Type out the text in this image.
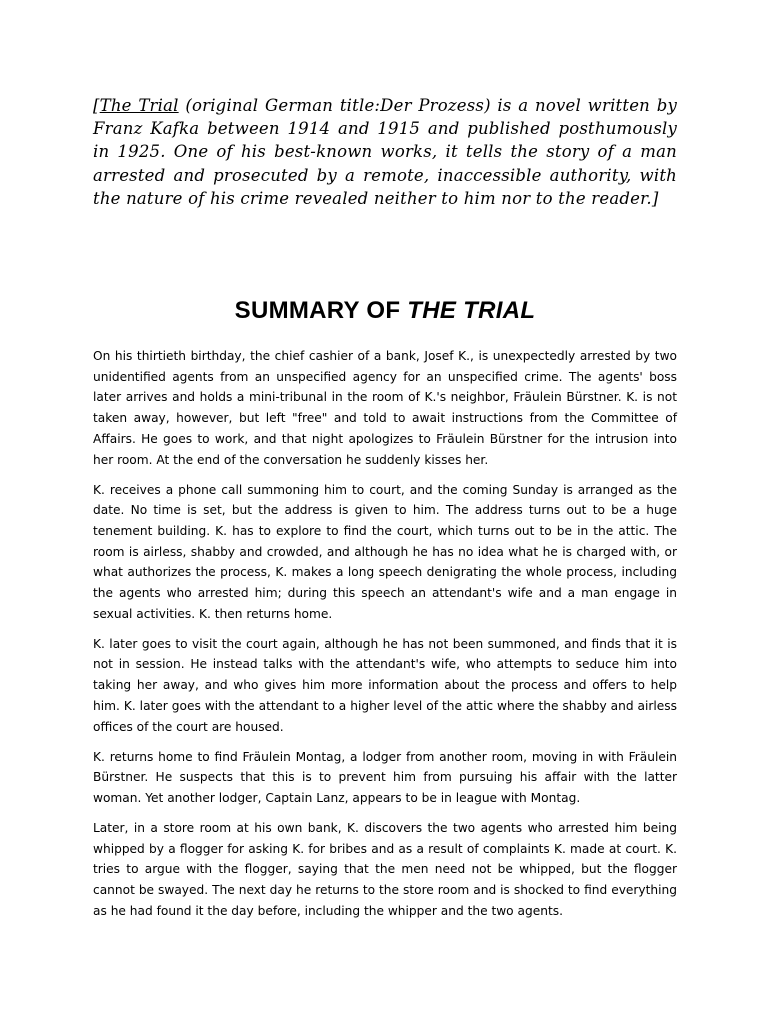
[The Trial (original German title:Der Prozess) is a novel written by Franz Kafka between 1914 and 1915 and published posthumously in 1925. One of his best-known works, it tells the story of a man arrested and prosecuted by a remote, inaccessible authority, with the nature of his crime revealed neither to him nor to the reader.]
SUMMARY OF THE TRIAL

On his thirtieth birthday, the chief cashier of a bank, Josef K., is unexpectedly arrested by two unidentified agents from an unspecified agency for an unspecified crime. The agents' boss later arrives and holds a mini-tribunal in the room of K.'s neighbor, Fräulein Bürstner. K. is not taken away, however, but left "free" and told to await instructions from the Committee of Affairs. He goes to work, and that night apologizes to Fräulein Bürstner for the intrusion into her room. At the end of the conversation he suddenly kisses her.

K. receives a phone call summoning him to court, and the coming Sunday is arranged as the date. No time is set, but the address is given to him. The address turns out to be a huge tenement building. K. has to explore to find the court, which turns out to be in the attic. The room is airless, shabby and crowded, and although he has no idea what he is charged with, or what authorizes the process, K. makes a long speech denigrating the whole process, including the agents who arrested him; during this speech an attendant's wife and a man engage in sexual activities. K. then returns home.

K. later goes to visit the court again, although he has not been summoned, and finds that it is not in session. He instead talks with the attendant's wife, who attempts to seduce him into taking her away, and who gives him more information about the process and offers to help him. K. later goes with the attendant to a higher level of the attic where the shabby and airless offices of the court are housed.

K. returns home to find Fräulein Montag, a lodger from another room, moving in with Fräulein Bürstner. He suspects that this is to prevent him from pursuing his affair with the latter woman. Yet another lodger, Captain Lanz, appears to be in league with Montag.

Later, in a store room at his own bank, K. discovers the two agents who arrested him being whipped by a flogger for asking K. for bribes and as a result of complaints K. made at court. K. tries to argue with the flogger, saying that the men need not be whipped, but the flogger cannot be swayed. The next day he returns to the store room and is shocked to find everything as he had found it the day before, including the whipper and the two agents.
